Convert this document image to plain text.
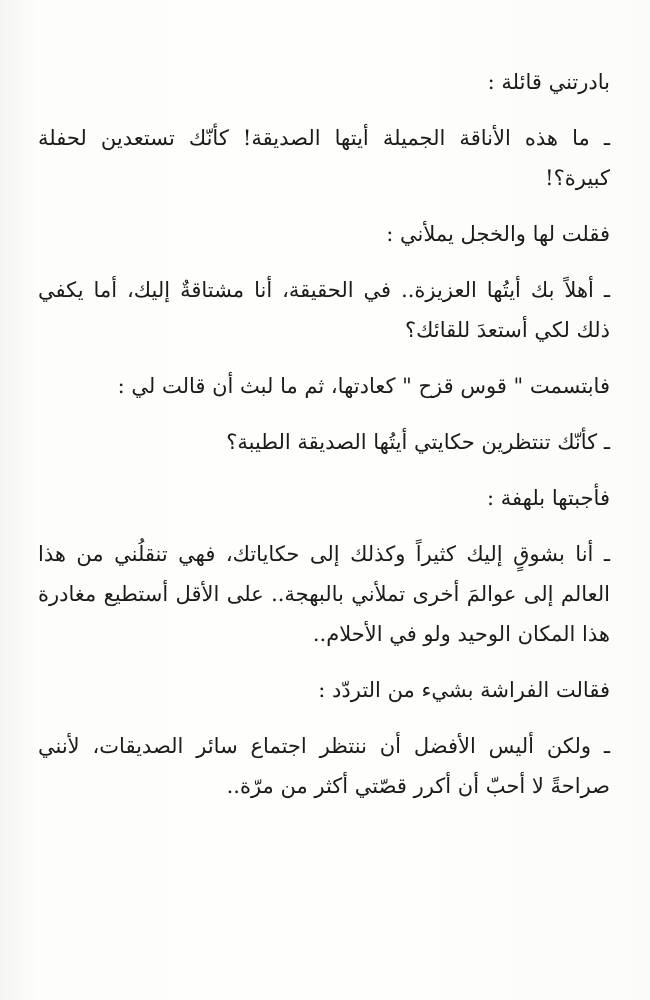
بادرتني قائلة :

ـ ما هذه الأناقة الجميلة أيتها الصديقة! كأنّك تستعدين لحفلة كبيرة؟!

فقلت لها والخجل يملأني :

ـ أهلاً بك أيتُها العزيزة.. في الحقيقة، أنا مشتاقةٌ إليك، أما يكفي ذلك لكي أستعدَ للقائك؟

فابتسمت " قوس قزح " كعادتها، ثم ما لبث أن قالت لي :

ـ كأنّك تنتظرين حكايتي أيتُها الصديقة الطيبة؟

فأجبتها بلهفة :

ـ أنا بشوقٍ إليك كثيراً وكذلك إلى حكاياتك، فهي تنقلُني من هذا العالم إلى عوالمَ أخرى تملأني بالبهجة.. على الأقل أستطيع مغادرة هذا المكان الوحيد ولو في الأحلام..

فقالت الفراشة بشيء من التردّد :

ـ ولكن أليس الأفضل أن ننتظر اجتماع سائر الصديقات، لأنني صراحةً لا أحبّ أن أكرر قصّتي أكثر من مرّة..
